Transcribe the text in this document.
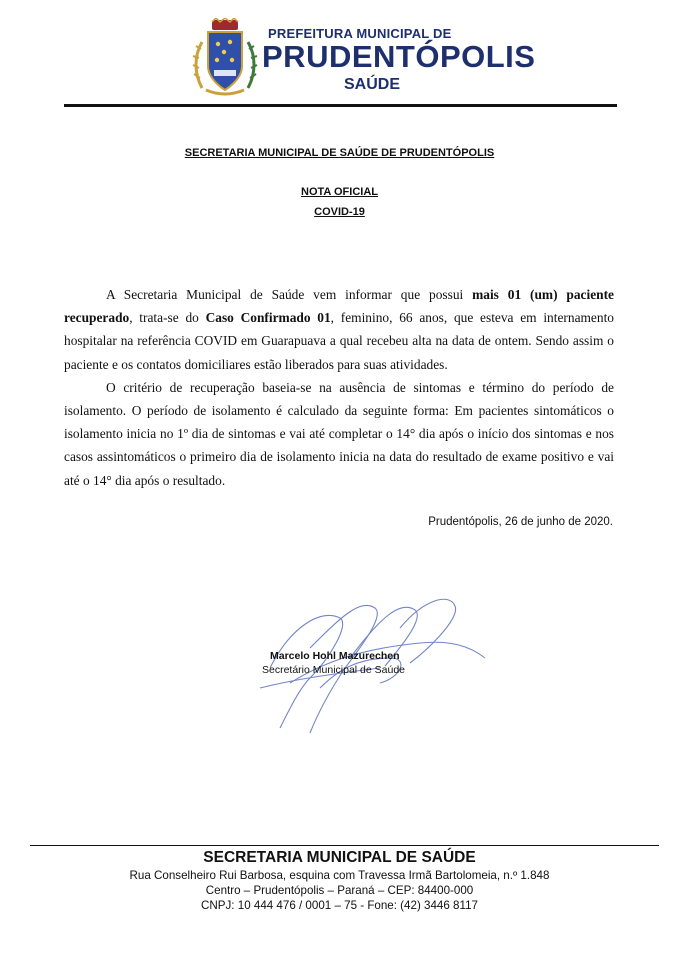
PREFEITURA MUNICIPAL DE
PRUDENTÓPOLIS
SAÚDE
SECRETARIA MUNICIPAL DE SAÚDE DE PRUDENTÓPOLIS
NOTA OFICIAL
COVID-19

A Secretaria Municipal de Saúde vem informar que possui mais 01 (um) paciente recuperado, trata-se do Caso Confirmado 01, feminino, 66 anos, que esteva em internamento hospitalar na referência COVID em Guarapuava a qual recebeu alta na data de ontem. Sendo assim o paciente e os contatos domiciliares estão liberados para suas atividades.

O critério de recuperação baseia-se na ausência de sintomas e término do período de isolamento. O período de isolamento é calculado da seguinte forma: Em pacientes sintomáticos o isolamento inicia no 1º dia de sintomas e vai até completar o 14° dia após o início dos sintomas e nos casos assintomáticos o primeiro dia de isolamento inicia na data do resultado de exame positivo e vai até o 14° dia após o resultado.

Prudentópolis, 26 de junho de 2020.
Marcelo Hohl Mazurechen
Secretário Municipal de Saúde
SECRETARIA MUNICIPAL DE SAÚDE
Rua Conselheiro Rui Barbosa, esquina com Travessa Irmã Bartolomeia, n.º 1.848
Centro – Prudentópolis – Paraná – CEP: 84400-000
CNPJ: 10 444 476 / 0001 – 75 - Fone: (42) 3446 8117
